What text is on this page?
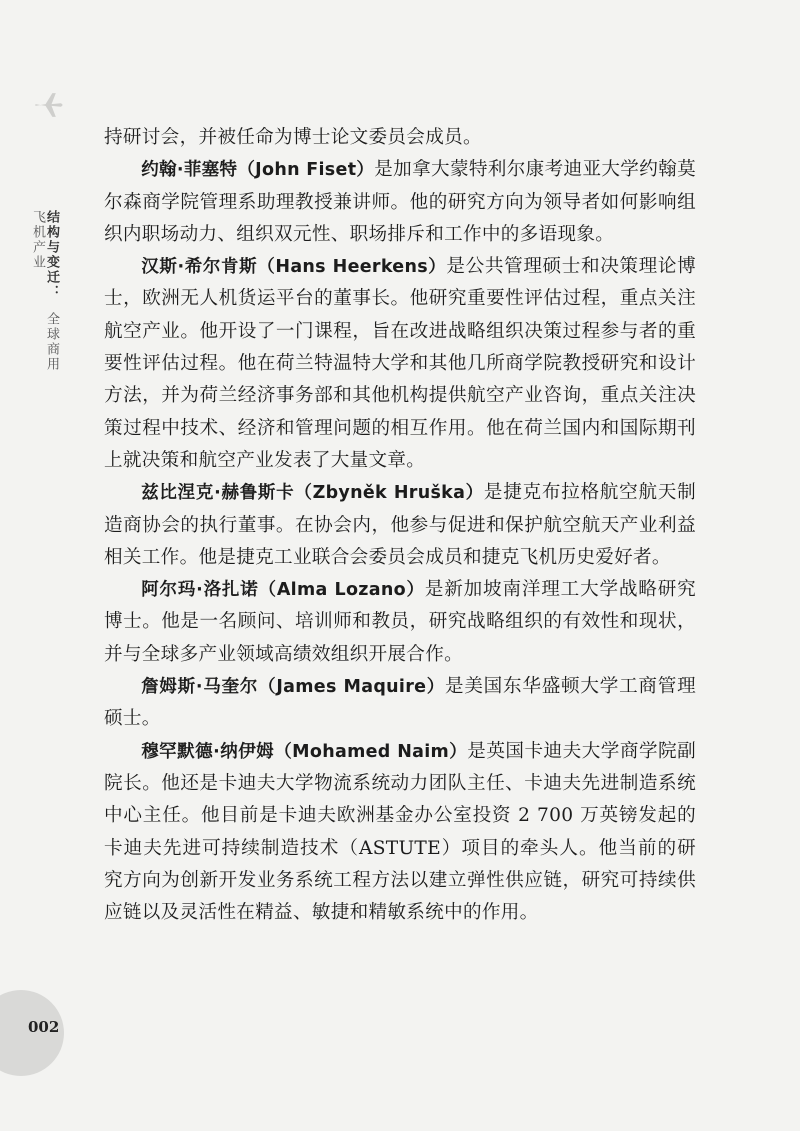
结构与变迁： 全球商用飞机产业

持研讨会，并被任命为博士论文委员会成员。

约翰·菲塞特（John Fiset）是加拿大蒙特利尔康考迪亚大学约翰莫尔森商学院管理系助理教授兼讲师。他的研究方向为领导者如何影响组织内职场动力、组织双元性、职场排斥和工作中的多语现象。

汉斯·希尔肯斯（Hans Heerkens）是公共管理硕士和决策理论博士，欧洲无人机货运平台的董事长。他研究重要性评估过程，重点关注航空产业。他开设了一门课程，旨在改进战略组织决策过程参与者的重要性评估过程。他在荷兰特温特大学和其他几所商学院教授研究和设计方法，并为荷兰经济事务部和其他机构提供航空产业咨询，重点关注决策过程中技术、经济和管理问题的相互作用。他在荷兰国内和国际期刊上就决策和航空产业发表了大量文章。

兹比涅克·赫鲁斯卡（Zbyněk Hruška）是捷克布拉格航空航天制造商协会的执行董事。在协会内，他参与促进和保护航空航天产业利益相关工作。他是捷克工业联合会委员会成员和捷克飞机历史爱好者。

阿尔玛·洛扎诺（Alma Lozano）是新加坡南洋理工大学战略研究博士。他是一名顾问、培训师和教员，研究战略组织的有效性和现状，并与全球多产业领域高绩效组织开展合作。

詹姆斯·马奎尔（James Maquire）是美国东华盛顿大学工商管理硕士。

穆罕默德·纳伊姆（Mohamed Naim）是英国卡迪夫大学商学院副院长。他还是卡迪夫大学物流系统动力团队主任、卡迪夫先进制造系统中心主任。他目前是卡迪夫欧洲基金办公室投资 2 700 万英镑发起的卡迪夫先进可持续制造技术（ASTUTE）项目的牵头人。他当前的研究方向为创新开发业务系统工程方法以建立弹性供应链，研究可持续供应链以及灵活性在精益、敏捷和精敏系统中的作用。

002
